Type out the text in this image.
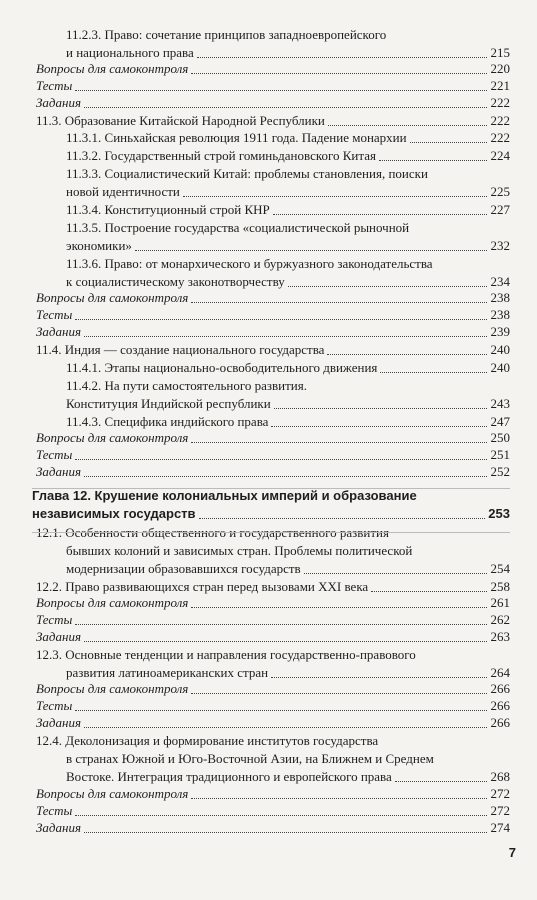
11.2.3. Право: сочетание принципов западноевропейского
и национального права	215
Вопросы для самоконтроля	220
Тесты	221
Задания	222
11.3. Образование Китайской Народной Республики	222
11.3.1. Синьхайская революция 1911 года. Падение монархии	222
11.3.2. Государственный строй гоминьдановского Китая	224
11.3.3. Социалистический Китай: проблемы становления, поиски
новой идентичности	225
11.3.4. Конституционный строй КНР	227
11.3.5. Построение государства «социалистической рыночной
экономики»	232
11.3.6. Право: от монархического и буржуазного законодательства
к социалистическому законотворчеству	234
Вопросы для самоконтроля	238
Тесты	238
Задания	239
11.4. Индия — создание национального государства	240
11.4.1. Этапы национально-освободительного движения	240
11.4.2. На пути самостоятельного развития.
Конституция Индийской республики	243
11.4.3. Специфика индийского права	247
Вопросы для самоконтроля	250
Тесты	251
Задания	252
Глава 12. Крушение колониальных империй и образование
независимых государств	253
12.1. Особенности общественного и государственного развития
бывших колоний и зависимых стран. Проблемы политической
модернизации образовавшихся государств	254
12.2. Право развивающихся стран перед вызовами XXI века	258
Вопросы для самоконтроля	261
Тесты	262
Задания	263
12.3. Основные тенденции и направления государственно-правового
развития латиноамериканских стран	264
Вопросы для самоконтроля	266
Тесты	266
Задания	266
12.4. Деколонизация и формирование институтов государства
в странах Южной и Юго-Восточной Азии, на Ближнем и Среднем
Востоке. Интеграция традиционного и европейского права	268
Вопросы для самоконтроля	272
Тесты	272
Задания	274
7
